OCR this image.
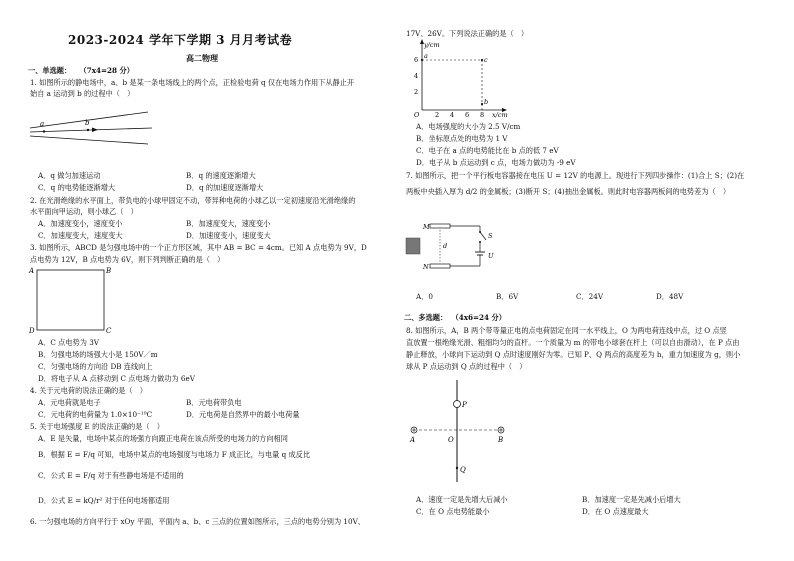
2023-2024 学年下学期 3 月月考试卷
高二物理
一、单选题： （7x4=28 分）
1. 如图所示的静电场中，a、b 是某一条电场线上的两个点，正检验电荷 q 仅在电场力作用下从静止开
始自 a 运动到 b 的过程中（　）
a	b
A．q 做匀加速运动	B．q 的速度逐渐增大
C．q 的电势能逐渐增大	D．q 的加速度逐渐增大
2. 在光滑绝缘的水平面上，带负电的小球甲固定不动，带异种电荷的小球乙以一定初速度沿光滑绝缘的
水平面向甲运动，则小球乙（　）
A．加速度变小，速度变小	B．加速度变大，速度变小
C．加速度变大，速度变大	D．加速度变小，速度变大
3. 如图所示，ABCD 是匀强电场中的一个正方形区域，其中 AB = BC = 4cm。已知 A 点电势为 9V，D
点电势为 12V，B 点电势为 6V，则下列判断正确的是（　）
A	B
C
D
A．C 点电势为 3V
B．匀强电场的场强大小是 150V／m
C．匀强电场的方向沿 DB 连线向上
D．将电子从 A 点移动到 C 点电场力做功为 6eV
4. 关于元电荷的说法正确的是（　）
A．元电荷就是电子	B．元电荷带负电
C．元电荷的电荷量为 1.0×10⁻¹⁹C	D．元电荷是自然界中的最小电荷量
5. 关于电场强度 E 的说法正确的是（　）
A．E 是矢量，电场中某点的场强方向跟正电荷在该点所受的电场力的方向相同
B．根据 E = F/q 可知，电场中某点的电场强度与电场力 F 成正比，与电量 q 成反比
C．公式 E = F/q 对于有些静电场是不适用的
D．公式 E = kQ/r² 对于任何电场都适用
6. 一匀强电场的方向平行于 xOy 平面，平面内 a、b、c 三点的位置如图所示，三点的电势分别为 10V、
17V、26V。下列说法正确的是（　）
y/cm
x/cm
a	c
b
6
4
2
O 2 4 6 8
A．电场强度的大小为 2.5 V/cm
B．坐标原点处的电势为 1 V
C．电子在 a 点的电势能比在 b 点的低 7 eV
D．电子从 b 点运动到 c 点，电场力做功为 -9 eV
7. 如图所示，把一个平行板电容器接在电压 U = 12V 的电源上。现进行下列四步操作：(1)合上 S；(2)在
两板中央插入厚为 d/2 的金属板；(3)断开 S；(4)抽出金属板。则此时电容器两板间的电势差为（　）
M
N
d
S
U
A．0	B．6V	C．24V	D．48V
二、多选题： （4x6=24 分）
8. 如图所示，A，B 两个带等量正电的点电荷固定在同一水平线上，O 为两电荷连线中点，过 O 点竖
直放置一根绝缘光滑、粗细均匀的直杆。一个质量为 m 的带电小球套在杆上（可以自由滑动），在 P 点由
静止释放，小球向下运动到 Q 点时速度刚好为零。已知 P、Q 两点的高度差为 h，重力加速度为 g，则小
球从 P 点运动到 Q 点的过程中（　）
A	B
O
P
Q
A．速度一定是先增大后减小	B．加速度一定是先减小后增大
C．在 O 点电势能最小	D．在 O 点速度最大
